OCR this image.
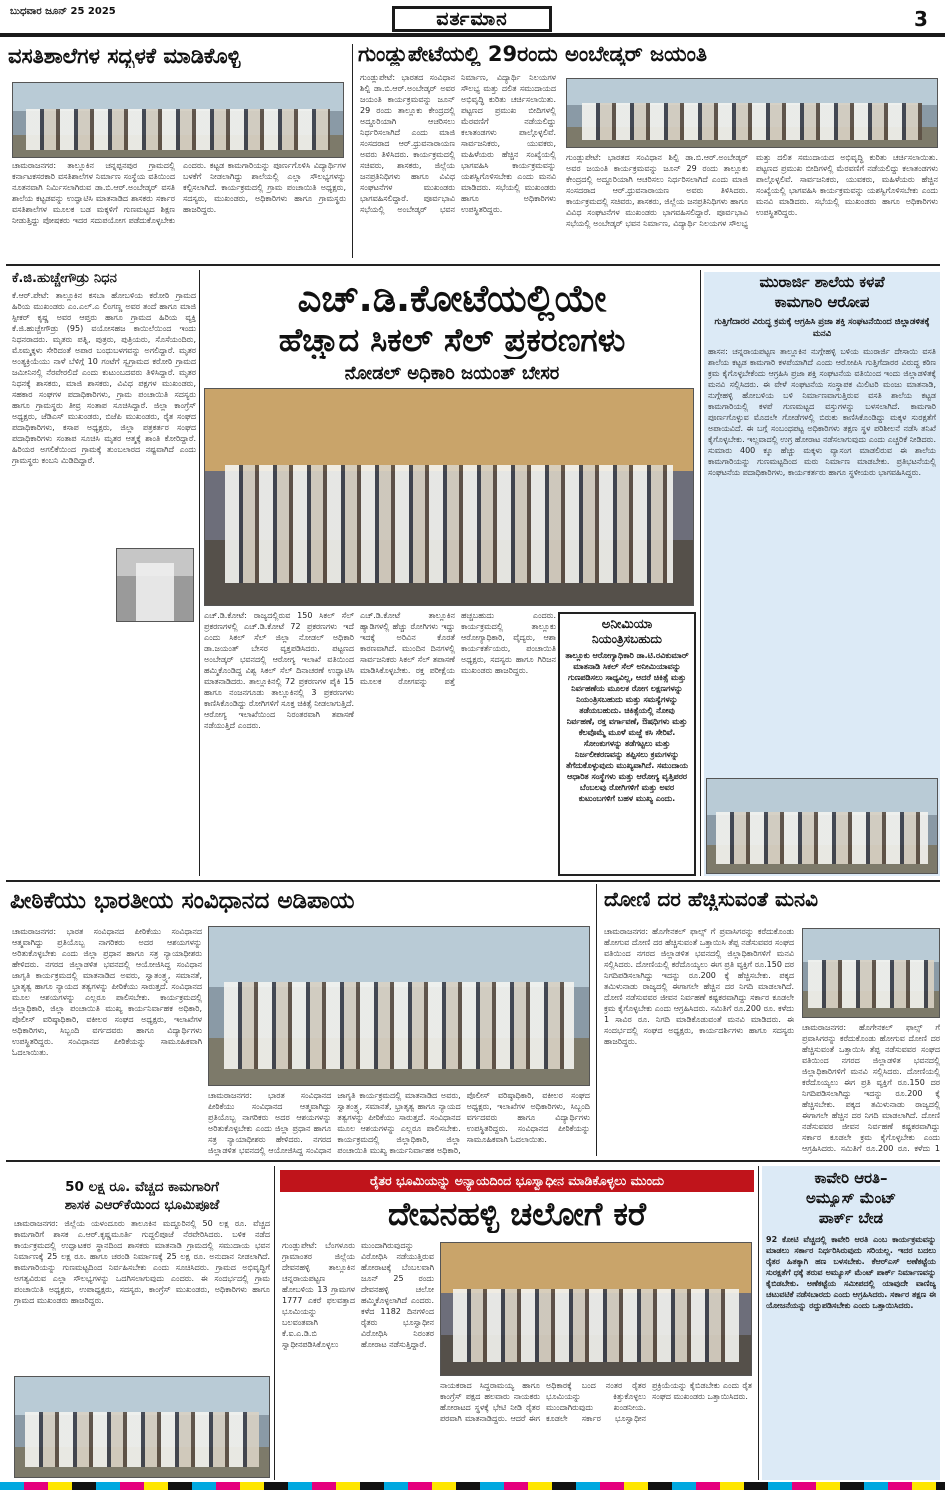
ಬುಧವಾರ ಜೂನ್ 25 2025	ವರ್ತಮಾನ	3
ವಸತಿಶಾಲೆಗಳ ಸದ್ಬಳಕೆ ಮಾಡಿಕೊಳ್ಳಿ
ಚಾಮರಾಜನಗರ: ತಾಲ್ಲೂಕಿನ ಚನ್ನಪ್ಪನಪುರ ಗ್ರಾಮದಲ್ಲಿ ಕರ್ನಾಟಕಸರಕಾರಿ ವಸತಿಶಾಲೆಗಳ ನಿರ್ಮಾಣ ಸಂಸ್ಥೆಯ ವತಿಯಿಂದ ನೂತನವಾಗಿ ನಿರ್ಮಿಸಲಾಗಿರುವ ಡಾ.ಬಿ.ಆರ್.ಅಂಬೇಡ್ಕರ್ ವಸತಿ ಶಾಲೆಯ ಕಟ್ಟಡವನ್ನು ಉದ್ಘಾಟಿಸಿ ಮಾತನಾಡಿದ ಶಾಸಕರು ಸರ್ಕಾರ ವಸತಿಶಾಲೆಗಳ ಮೂಲಕ ಬಡ ಮಕ್ಕಳಿಗೆ ಗುಣಮಟ್ಟದ ಶಿಕ್ಷಣ ನೀಡುತ್ತಿದ್ದು ಪೋಷಕರು ಇದರ ಸದುಪಯೋಗ ಪಡೆದುಕೊಳ್ಳಬೇಕು ಎಂದರು. ಕಟ್ಟಡ ಕಾಮಗಾರಿಯನ್ನು ಪೂರ್ಣಗೊಳಿಸಿ ವಿದ್ಯಾರ್ಥಿಗಳ ಬಳಕೆಗೆ ನೀಡಲಾಗಿದ್ದು ಶಾಲೆಯಲ್ಲಿ ಎಲ್ಲಾ ಸೌಲಭ್ಯಗಳನ್ನು ಕಲ್ಪಿಸಲಾಗಿದೆ. ಕಾರ್ಯಕ್ರಮದಲ್ಲಿ ಗ್ರಾಮ ಪಂಚಾಯಿತಿ ಅಧ್ಯಕ್ಷರು, ಸದಸ್ಯರು, ಮುಖಂಡರು, ಅಧಿಕಾರಿಗಳು ಹಾಗೂ ಗ್ರಾಮಸ್ಥರು ಹಾಜರಿದ್ದರು.
ಗುಂಡ್ಲುಪೇಟೆಯಲ್ಲಿ 29ರಂದು ಅಂಬೇಡ್ಕರ್ ಜಯಂತಿ
ಗುಂಡ್ಲುಪೇಟೆ: ಭಾರತದ ಸಂವಿಧಾನ ಶಿಲ್ಪಿ ಡಾ.ಬಿ.ಆರ್.ಅಂಬೇಡ್ಕರ್ ಅವರ ಜಯಂತಿ ಕಾರ್ಯಕ್ರಮವನ್ನು ಜೂನ್ 29 ರಂದು ತಾಲ್ಲೂಕು ಕೇಂದ್ರದಲ್ಲಿ ಅದ್ದೂರಿಯಾಗಿ ಆಚರಿಸಲು ನಿರ್ಧರಿಸಲಾಗಿದೆ ಎಂದು ಮಾಜಿ ಸಂಸದರಾದ ಆರ್.ಧ್ರುವನಾರಾಯಣ ಅವರು ತಿಳಿಸಿದರು. ಕಾರ್ಯಕ್ರಮದಲ್ಲಿ ಸಚಿವರು, ಶಾಸಕರು, ಜಿಲ್ಲೆಯ ಜನಪ್ರತಿನಿಧಿಗಳು ಹಾಗೂ ವಿವಿಧ ಸಂಘಟನೆಗಳ ಮುಖಂಡರು ಭಾಗವಹಿಸಲಿದ್ದಾರೆ. ಪೂರ್ವಭಾವಿ ಸಭೆಯಲ್ಲಿ ಅಂಬೇಡ್ಕರ್ ಭವನ ನಿರ್ಮಾಣ, ವಿದ್ಯಾರ್ಥಿ ನಿಲಯಗಳ ಸೌಲಭ್ಯ ಮತ್ತು ದಲಿತ ಸಮುದಾಯದ ಅಭಿವೃದ್ಧಿ ಕುರಿತು ಚರ್ಚಿಸಲಾಯಿತು. ಪಟ್ಟಣದ ಪ್ರಮುಖ ಬೀದಿಗಳಲ್ಲಿ ಮೆರವಣಿಗೆ ನಡೆಯಲಿದ್ದು ಕಲಾತಂಡಗಳು ಪಾಲ್ಗೊಳ್ಳಲಿವೆ. ಸಾರ್ವಜನಿಕರು, ಯುವಕರು, ಮಹಿಳೆಯರು ಹೆಚ್ಚಿನ ಸಂಖ್ಯೆಯಲ್ಲಿ ಭಾಗವಹಿಸಿ ಕಾರ್ಯಕ್ರಮವನ್ನು ಯಶಸ್ವಿಗೊಳಿಸಬೇಕು ಎಂದು ಮನವಿ ಮಾಡಿದರು. ಸಭೆಯಲ್ಲಿ ಮುಖಂಡರು ಹಾಗೂ ಅಧಿಕಾರಿಗಳು ಉಪಸ್ಥಿತರಿದ್ದರು.
ಗುಂಡ್ಲುಪೇಟೆ: ಭಾರತದ ಸಂವಿಧಾನ ಶಿಲ್ಪಿ ಡಾ.ಬಿ.ಆರ್.ಅಂಬೇಡ್ಕರ್ ಅವರ ಜಯಂತಿ ಕಾರ್ಯಕ್ರಮವನ್ನು ಜೂನ್ 29 ರಂದು ತಾಲ್ಲೂಕು ಕೇಂದ್ರದಲ್ಲಿ ಅದ್ದೂರಿಯಾಗಿ ಆಚರಿಸಲು ನಿರ್ಧರಿಸಲಾಗಿದೆ ಎಂದು ಮಾಜಿ ಸಂಸದರಾದ ಆರ್.ಧ್ರುವನಾರಾಯಣ ಅವರು ತಿಳಿಸಿದರು. ಕಾರ್ಯಕ್ರಮದಲ್ಲಿ ಸಚಿವರು, ಶಾಸಕರು, ಜಿಲ್ಲೆಯ ಜನಪ್ರತಿನಿಧಿಗಳು ಹಾಗೂ ವಿವಿಧ ಸಂಘಟನೆಗಳ ಮುಖಂಡರು ಭಾಗವಹಿಸಲಿದ್ದಾರೆ. ಪೂರ್ವಭಾವಿ ಸಭೆಯಲ್ಲಿ ಅಂಬೇಡ್ಕರ್ ಭವನ ನಿರ್ಮಾಣ, ವಿದ್ಯಾರ್ಥಿ ನಿಲಯಗಳ ಸೌಲಭ್ಯ ಮತ್ತು ದಲಿತ ಸಮುದಾಯದ ಅಭಿವೃದ್ಧಿ ಕುರಿತು ಚರ್ಚಿಸಲಾಯಿತು. ಪಟ್ಟಣದ ಪ್ರಮುಖ ಬೀದಿಗಳಲ್ಲಿ ಮೆರವಣಿಗೆ ನಡೆಯಲಿದ್ದು ಕಲಾತಂಡಗಳು ಪಾಲ್ಗೊಳ್ಳಲಿವೆ. ಸಾರ್ವಜನಿಕರು, ಯುವಕರು, ಮಹಿಳೆಯರು ಹೆಚ್ಚಿನ ಸಂಖ್ಯೆಯಲ್ಲಿ ಭಾಗವಹಿಸಿ ಕಾರ್ಯಕ್ರಮವನ್ನು ಯಶಸ್ವಿಗೊಳಿಸಬೇಕು ಎಂದು ಮನವಿ ಮಾಡಿದರು. ಸಭೆಯಲ್ಲಿ ಮುಖಂಡರು ಹಾಗೂ ಅಧಿಕಾರಿಗಳು ಉಪಸ್ಥಿತರಿದ್ದರು.
ಕೆ.ಜಿ.ಹುಚ್ಚೇಗೌಡ್ರು ನಿಧನ
ಕೆ.ಆರ್.ಪೇಟೆ: ತಾಲ್ಲೂಕಿನ ಕಸಬಾ ಹೋಬಳಿಯ ಕರೋಠಿ ಗ್ರಾಮದ ಹಿರಿಯ ಮುಖಂಡರು ಎಂ.ಎಲ್.ಎ ಲಿಂಗಣ್ಣ ಅವರ ತಂದೆ ಹಾಗೂ ಮಾಜಿ ಸ್ಪೀಕರ್ ಕೃಷ್ಣ ಅವರ ಆಪ್ತರು ಹಾಗೂ ಗ್ರಾಮದ ಹಿರಿಯ ವ್ಯಕ್ತಿ ಕೆ.ಜಿ.ಹುಚ್ಚೇಗೌಡ್ರು (95) ವಯೋಸಹಜ ಕಾಯಿಲೆಯಿಂದ ಇಂದು ನಿಧನರಾದರು. ಮೃತರು ಪತ್ನಿ, ಪುತ್ರರು, ಪುತ್ರಿಯರು, ಸೊಸೆಯಂದಿರು, ಮೊಮ್ಮಕ್ಕಳು ಸೇರಿದಂತೆ ಅಪಾರ ಬಂಧುಬಳಗವನ್ನು ಅಗಲಿದ್ದಾರೆ. ಮೃತರ ಅಂತ್ಯಕ್ರಿಯೆಯು ನಾಳೆ ಬೆಳಿಗ್ಗೆ 10 ಗಂಟೆಗೆ ಸ್ವಗ್ರಾಮದ ಕರೋಠಿ ಗ್ರಾಮದ ಜಮೀನಿನಲ್ಲಿ ನೆರವೇರಲಿದೆ ಎಂದು ಕುಟುಂಬದವರು ತಿಳಿಸಿದ್ದಾರೆ. ಮೃತರ ನಿಧನಕ್ಕೆ ಶಾಸಕರು, ಮಾಜಿ ಶಾಸಕರು, ವಿವಿಧ ಪಕ್ಷಗಳ ಮುಖಂಡರು, ಸಹಕಾರ ಸಂಘಗಳ ಪದಾಧಿಕಾರಿಗಳು, ಗ್ರಾಮ ಪಂಚಾಯಿತಿ ಸದಸ್ಯರು ಹಾಗೂ ಗ್ರಾಮಸ್ಥರು ತೀವ್ರ ಸಂತಾಪ ಸೂಚಿಸಿದ್ದಾರೆ. ಜಿಲ್ಲಾ ಕಾಂಗ್ರೆಸ್ ಅಧ್ಯಕ್ಷರು, ಜೆಡಿಎಸ್ ಮುಖಂಡರು, ಬಿಜೆಪಿ ಮುಖಂಡರು, ರೈತ ಸಂಘದ ಪದಾಧಿಕಾರಿಗಳು, ಕಸಾಪ ಅಧ್ಯಕ್ಷರು, ಜಿಲ್ಲಾ ಪತ್ರಕರ್ತರ ಸಂಘದ ಪದಾಧಿಕಾರಿಗಳು ಸಂತಾಪ ಸೂಚಿಸಿ ಮೃತರ ಆತ್ಮಕ್ಕೆ ಶಾಂತಿ ಕೋರಿದ್ದಾರೆ. ಹಿರಿಯರ ಅಗಲಿಕೆಯಿಂದ ಗ್ರಾಮಕ್ಕೆ ತುಂಬಲಾರದ ನಷ್ಟವಾಗಿದೆ ಎಂದು ಗ್ರಾಮಸ್ಥರು ಕಂಬನಿ ಮಿಡಿದಿದ್ದಾರೆ.
ಎಚ್.ಡಿ.ಕೋಟೆಯಲ್ಲಿಯೇ
ಹೆಚ್ಚಾದ ಸಿಕಲ್ ಸೆಲ್ ಪ್ರಕರಣಗಳು
ನೋಡಲ್ ಅಧಿಕಾರಿ ಜಯಂತ್ ಬೇಸರ
ಎಚ್.ಡಿ.ಕೋಟೆ: ರಾಜ್ಯದಲ್ಲಿರುವ 150 ಸಿಕಲ್ ಸೆಲ್ ಪ್ರಕರಣಗಳಲ್ಲಿ ಎಚ್.ಡಿ.ಕೋಟೆ 72 ಪ್ರಕರಣಗಳು ಇದೆ ಎಂದು ಸಿಕಲ್ ಸೆಲ್ ಜಿಲ್ಲಾ ನೋಡಲ್ ಅಧಿಕಾರಿ ಡಾ.ಜಯಂತ್ ಬೇಸರ ವ್ಯಕ್ತಪಡಿಸಿದರು. ಪಟ್ಟಣದ ಅಂಬೇಡ್ಕರ್ ಭವನದಲ್ಲಿ ಆರೋಗ್ಯ ಇಲಾಖೆ ವತಿಯಿಂದ ಹಮ್ಮಿಕೊಂಡಿದ್ದ ವಿಶ್ವ ಸಿಕಲ್ ಸೆಲ್ ದಿನಾಚರಣೆ ಉದ್ಘಾಟಿಸಿ ಮಾತನಾಡಿದರು. ತಾಲ್ಲೂಕಿನಲ್ಲಿ 72 ಪ್ರಕರಣಗಳ ಪೈಕಿ 15 ಹಾಗೂ ನಂಜನಗೂಡು ತಾಲ್ಲೂಕಿನಲ್ಲಿ 3 ಪ್ರಕರಣಗಳು ಕಾಣಿಸಿಕೊಂಡಿದ್ದು ರೋಗಿಗಳಿಗೆ ಸೂಕ್ತ ಚಿಕಿತ್ಸೆ ನೀಡಲಾಗುತ್ತಿದೆ. ಆರೋಗ್ಯ ಇಲಾಖೆಯಿಂದ ನಿರಂತರವಾಗಿ ತಪಾಸಣೆ ನಡೆಯುತ್ತಿದೆ ಎಂದರು.
ಎಚ್.ಡಿ.ಕೋಟೆ ತಾಲ್ಲೂಕಿನ ಹ್ಯಾಡಿಗಳಲ್ಲಿ ಹೆಚ್ಚು ರೋಗಿಗಳು ಇದ್ದು ಇದಕ್ಕೆ ಅರಿವಿನ ಕೊರತೆ ಕಾರಣವಾಗಿದೆ. ಮುಂದಿನ ದಿನಗಳಲ್ಲಿ ಸಾರ್ವಜನಿಕರು ಸಿಕಲ್ ಸೆಲ್ ತಪಾಸಣೆ ಮಾಡಿಸಿಕೊಳ್ಳಬೇಕು. ರಕ್ತ ಪರೀಕ್ಷೆಯ ಮೂಲಕ ರೋಗವನ್ನು ಪತ್ತೆ ಹಚ್ಚಬಹುದು ಎಂದರು. ಕಾರ್ಯಕ್ರಮದಲ್ಲಿ ತಾಲ್ಲೂಕು ಆರೋಗ್ಯಾಧಿಕಾರಿ, ವೈದ್ಯರು, ಆಶಾ ಕಾರ್ಯಕರ್ತೆಯರು, ಪಂಚಾಯಿತಿ ಅಧ್ಯಕ್ಷರು, ಸದಸ್ಯರು ಹಾಗೂ ಗಿರಿಜನ ಮುಖಂಡರು ಹಾಜರಿದ್ದರು.
ಅನೀಮಿಯಾ
ನಿಯಂತ್ರಿಸಬಹುದು
ತಾಲ್ಲೂಕು ಆರೋಗ್ಯಾಧಿಕಾರಿ ಡಾ.ಟಿ.ರವಿಕುಮಾರ್ ಮಾತನಾಡಿ ಸಿಕಲ್ ಸೆಲ್ ಅನೀಮಿಯಾವನ್ನು ಗುಣಪಡಿಸಲು ಸಾಧ್ಯವಿಲ್ಲ, ಆದರೆ ಚಿಕಿತ್ಸೆ ಮತ್ತು ನಿರ್ವಹಣೆಯ ಮೂಲಕ ರೋಗ ಲಕ್ಷಣಗಳನ್ನು ನಿಯಂತ್ರಿಸಬಹುದು ಮತ್ತು ಸಮಸ್ಯೆಗಳನ್ನು ತಡೆಯಬಹುದು. ಚಿಕಿತ್ಸೆಯಲ್ಲಿ ನೋವು ನಿರ್ವಹಣೆ, ರಕ್ತ ವರ್ಗಾವಣೆ, ಔಷಧಿಗಳು ಮತ್ತು ಕೆಲವೊಮ್ಮೆ ಮೂಳೆ ಮಜ್ಜೆ ಕಸಿ ಸೇರಿವೆ. ಸೋಂಕುಗಳನ್ನು ತಡೆಗಟ್ಟಲು ಮತ್ತು ನಿರ್ಜಲೀಕರಣವನ್ನು ತಪ್ಪಿಸಲು ಕ್ರಮಗಳನ್ನು ತೆಗೆದುಕೊಳ್ಳುವುದು ಮುಖ್ಯವಾಗಿದೆ. ಸಮುದಾಯ ಆಧಾರಿತ ಸಂಸ್ಥೆಗಳು ಮತ್ತು ಆರೋಗ್ಯ ವೃತ್ತಿಪರರ ಬೆಂಬಲವು ರೋಗಿಗಳಿಗೆ ಮತ್ತು ಅವರ ಕುಟುಂಬಗಳಿಗೆ ಬಹಳ ಮುಖ್ಯ ಎಂದು.
ಮುರಾರ್ಜಿ ಶಾಲೆಯ ಕಳಪೆ
ಕಾಮಗಾರಿ ಆರೋಪ
ಗುತ್ತಿಗೆದಾರರ ವಿರುದ್ಧ ಕ್ರಮಕ್ಕೆ ಆಗ್ರಹಿಸಿ ಪ್ರಜಾ ಶಕ್ತಿ ಸಂಘಟನೆಯಿಂದ ಜಿಲ್ಲಾಡಳಿತಕ್ಕೆ ಮನವಿ
ಹಾಸನ: ಚನ್ನರಾಯಪಟ್ಟಣ ತಾಲ್ಲೂಕಿನ ನುಗ್ಗೇಹಳ್ಳಿ ಬಳಿಯ ಮುರಾರ್ಜಿ ದೇಸಾಯಿ ವಸತಿ ಶಾಲೆಯ ಕಟ್ಟಡ ಕಾಮಗಾರಿ ಕಳಪೆಯಾಗಿದೆ ಎಂದು ಆರೋಪಿಸಿ ಗುತ್ತಿಗೆದಾರರ ವಿರುದ್ಧ ಕಠಿಣ ಕ್ರಮ ಕೈಗೊಳ್ಳಬೇಕೆಂದು ಆಗ್ರಹಿಸಿ ಪ್ರಜಾ ಶಕ್ತಿ ಸಂಘಟನೆಯ ವತಿಯಿಂದ ಇಂದು ಜಿಲ್ಲಾಡಳಿತಕ್ಕೆ ಮನವಿ ಸಲ್ಲಿಸಿದರು. ಈ ವೇಳೆ ಸಂಘಟನೆಯ ಸಂಸ್ಥಾಪಕ ಮಿಲಿಟರಿ ಮಂಜು ಮಾತನಾಡಿ, ನುಗ್ಗೇಹಳ್ಳಿ ಹೋಬಳಿಯ ಬಳಿ ನಿರ್ಮಾಣವಾಗುತ್ತಿರುವ ವಸತಿ ಶಾಲೆಯ ಕಟ್ಟಡ ಕಾಮಗಾರಿಯಲ್ಲಿ ಕಳಪೆ ಗುಣಮಟ್ಟದ ವಸ್ತುಗಳನ್ನು ಬಳಸಲಾಗಿದೆ. ಕಾಮಗಾರಿ ಪೂರ್ಣಗೊಳ್ಳುವ ಮೊದಲೇ ಗೋಡೆಗಳಲ್ಲಿ ಬಿರುಕು ಕಾಣಿಸಿಕೊಂಡಿದ್ದು ಮಕ್ಕಳ ಸುರಕ್ಷತೆಗೆ ಅಪಾಯವಿದೆ. ಈ ಬಗ್ಗೆ ಸಂಬಂಧಪಟ್ಟ ಅಧಿಕಾರಿಗಳು ತಕ್ಷಣ ಸ್ಥಳ ಪರಿಶೀಲನೆ ನಡೆಸಿ ತನಿಖೆ ಕೈಗೊಳ್ಳಬೇಕು. ಇಲ್ಲವಾದಲ್ಲಿ ಉಗ್ರ ಹೋರಾಟ ನಡೆಸಲಾಗುವುದು ಎಂದು ಎಚ್ಚರಿಕೆ ನೀಡಿದರು. ಸುಮಾರು 400 ಕ್ಕೂ ಹೆಚ್ಚು ಮಕ್ಕಳು ವ್ಯಾಸಂಗ ಮಾಡಲಿರುವ ಈ ಶಾಲೆಯ ಕಾಮಗಾರಿಯನ್ನು ಗುಣಮಟ್ಟದಿಂದ ಮರು ನಿರ್ಮಾಣ ಮಾಡಬೇಕು. ಪ್ರತಿಭಟನೆಯಲ್ಲಿ ಸಂಘಟನೆಯ ಪದಾಧಿಕಾರಿಗಳು, ಕಾರ್ಯಕರ್ತರು ಹಾಗೂ ಸ್ಥಳೀಯರು ಭಾಗವಹಿಸಿದ್ದರು.
ಪೀಠಿಕೆಯು ಭಾರತೀಯ ಸಂವಿಧಾನದ ಅಡಿಪಾಯ
ಚಾಮರಾಜನಗರ: ಭಾರತ ಸಂವಿಧಾನದ ಪೀಠಿಕೆಯು ಸಂವಿಧಾನದ ಆತ್ಮವಾಗಿದ್ದು ಪ್ರತಿಯೊಬ್ಬ ನಾಗರಿಕರು ಅದರ ಆಶಯಗಳನ್ನು ಅರಿತುಕೊಳ್ಳಬೇಕು ಎಂದು ಜಿಲ್ಲಾ ಪ್ರಧಾನ ಹಾಗೂ ಸತ್ರ ನ್ಯಾಯಾಧೀಶರು ಹೇಳಿದರು. ನಗರದ ಜಿಲ್ಲಾಡಳಿತ ಭವನದಲ್ಲಿ ಆಯೋಜಿಸಿದ್ದ ಸಂವಿಧಾನ ಜಾಗೃತಿ ಕಾರ್ಯಕ್ರಮದಲ್ಲಿ ಮಾತನಾಡಿದ ಅವರು, ಸ್ವಾತಂತ್ರ್ಯ, ಸಮಾನತೆ, ಭ್ರಾತೃತ್ವ ಹಾಗೂ ನ್ಯಾಯದ ತತ್ವಗಳನ್ನು ಪೀಠಿಕೆಯು ಸಾರುತ್ತದೆ. ಸಂವಿಧಾನದ ಮೂಲ ಆಶಯಗಳನ್ನು ಎಲ್ಲರೂ ಪಾಲಿಸಬೇಕು. ಕಾರ್ಯಕ್ರಮದಲ್ಲಿ ಜಿಲ್ಲಾಧಿಕಾರಿ, ಜಿಲ್ಲಾ ಪಂಚಾಯಿತಿ ಮುಖ್ಯ ಕಾರ್ಯನಿರ್ವಾಹಕ ಅಧಿಕಾರಿ, ಪೊಲೀಸ್ ವರಿಷ್ಠಾಧಿಕಾರಿ, ವಕೀಲರ ಸಂಘದ ಅಧ್ಯಕ್ಷರು, ಇಲಾಖೆಗಳ ಅಧಿಕಾರಿಗಳು, ಸಿಬ್ಬಂದಿ ವರ್ಗದವರು ಹಾಗೂ ವಿದ್ಯಾರ್ಥಿಗಳು ಉಪಸ್ಥಿತರಿದ್ದರು. ಸಂವಿಧಾನದ ಪೀಠಿಕೆಯನ್ನು ಸಾಮೂಹಿಕವಾಗಿ ಓದಲಾಯಿತು.
ಚಾಮರಾಜನಗರ: ಭಾರತ ಸಂವಿಧಾನದ ಪೀಠಿಕೆಯು ಸಂವಿಧಾನದ ಆತ್ಮವಾಗಿದ್ದು ಪ್ರತಿಯೊಬ್ಬ ನಾಗರಿಕರು ಅದರ ಆಶಯಗಳನ್ನು ಅರಿತುಕೊಳ್ಳಬೇಕು ಎಂದು ಜಿಲ್ಲಾ ಪ್ರಧಾನ ಹಾಗೂ ಸತ್ರ ನ್ಯಾಯಾಧೀಶರು ಹೇಳಿದರು. ನಗರದ ಜಿಲ್ಲಾಡಳಿತ ಭವನದಲ್ಲಿ ಆಯೋಜಿಸಿದ್ದ ಸಂವಿಧಾನ ಜಾಗೃತಿ ಕಾರ್ಯಕ್ರಮದಲ್ಲಿ ಮಾತನಾಡಿದ ಅವರು, ಸ್ವಾತಂತ್ರ್ಯ, ಸಮಾನತೆ, ಭ್ರಾತೃತ್ವ ಹಾಗೂ ನ್ಯಾಯದ ತತ್ವಗಳನ್ನು ಪೀಠಿಕೆಯು ಸಾರುತ್ತದೆ. ಸಂವಿಧಾನದ ಮೂಲ ಆಶಯಗಳನ್ನು ಎಲ್ಲರೂ ಪಾಲಿಸಬೇಕು. ಕಾರ್ಯಕ್ರಮದಲ್ಲಿ ಜಿಲ್ಲಾಧಿಕಾರಿ, ಜಿಲ್ಲಾ ಪಂಚಾಯಿತಿ ಮುಖ್ಯ ಕಾರ್ಯನಿರ್ವಾಹಕ ಅಧಿಕಾರಿ, ಪೊಲೀಸ್ ವರಿಷ್ಠಾಧಿಕಾರಿ, ವಕೀಲರ ಸಂಘದ ಅಧ್ಯಕ್ಷರು, ಇಲಾಖೆಗಳ ಅಧಿಕಾರಿಗಳು, ಸಿಬ್ಬಂದಿ ವರ್ಗದವರು ಹಾಗೂ ವಿದ್ಯಾರ್ಥಿಗಳು ಉಪಸ್ಥಿತರಿದ್ದರು. ಸಂವಿಧಾನದ ಪೀಠಿಕೆಯನ್ನು ಸಾಮೂಹಿಕವಾಗಿ ಓದಲಾಯಿತು.
ದೋಣಿ ದರ ಹೆಚ್ಚಿಸುವಂತೆ ಮನವಿ
ಚಾಮರಾಜನಗರ: ಹೊಗೇನಕಲ್ ಫಾಲ್ಸ್ ಗೆ ಪ್ರವಾಸಿಗರನ್ನು ಕರೆದುಕೊಂಡು ಹೋಗುವ ದೋಣಿ ದರ ಹೆಚ್ಚಿಸುವಂತೆ ಒತ್ತಾಯಿಸಿ ತೆಪ್ಪ ನಡೆಸುವವರ ಸಂಘದ ವತಿಯಿಂದ ನಗರದ ಜಿಲ್ಲಾಡಳಿತ ಭವನದಲ್ಲಿ ಜಿಲ್ಲಾಧಿಕಾರಿಗಳಿಗೆ ಮನವಿ ಸಲ್ಲಿಸಿದರು. ದೋಣಿಯಲ್ಲಿ ಕರೆದೊಯ್ಯಲು ಈಗ ಪ್ರತಿ ವ್ಯಕ್ತಿಗೆ ರೂ.150 ದರ ನಿಗದಿಪಡಿಸಲಾಗಿದ್ದು ಇದನ್ನು ರೂ.200 ಕ್ಕೆ ಹೆಚ್ಚಿಸಬೇಕು. ಪಕ್ಕದ ತಮಿಳುನಾಡು ರಾಜ್ಯದಲ್ಲಿ ಈಗಾಗಲೇ ಹೆಚ್ಚಿನ ದರ ನಿಗದಿ ಮಾಡಲಾಗಿದೆ. ದೋಣಿ ನಡೆಸುವವರ ಜೀವನ ನಿರ್ವಹಣೆ ಕಷ್ಟಕರವಾಗಿದ್ದು ಸರ್ಕಾರ ಕೂಡಲೇ ಕ್ರಮ ಕೈಗೊಳ್ಳಬೇಕು ಎಂದು ಆಗ್ರಹಿಸಿದರು. ಸಮಿತಿಗೆ ರೂ.200 ರೂ. ಕಳೆದು 1 ಸಾವಿರ ರೂ. ನಿಗದಿ ಮಾಡಿಕೊಡುವಂತೆ ಮನವಿ ಮಾಡಿದರು. ಈ ಸಂದರ್ಭದಲ್ಲಿ ಸಂಘದ ಅಧ್ಯಕ್ಷರು, ಕಾರ್ಯದರ್ಶಿಗಳು ಹಾಗೂ ಸದಸ್ಯರು ಹಾಜರಿದ್ದರು.
ಚಾಮರಾಜನಗರ: ಹೊಗೇನಕಲ್ ಫಾಲ್ಸ್ ಗೆ ಪ್ರವಾಸಿಗರನ್ನು ಕರೆದುಕೊಂಡು ಹೋಗುವ ದೋಣಿ ದರ ಹೆಚ್ಚಿಸುವಂತೆ ಒತ್ತಾಯಿಸಿ ತೆಪ್ಪ ನಡೆಸುವವರ ಸಂಘದ ವತಿಯಿಂದ ನಗರದ ಜಿಲ್ಲಾಡಳಿತ ಭವನದಲ್ಲಿ ಜಿಲ್ಲಾಧಿಕಾರಿಗಳಿಗೆ ಮನವಿ ಸಲ್ಲಿಸಿದರು. ದೋಣಿಯಲ್ಲಿ ಕರೆದೊಯ್ಯಲು ಈಗ ಪ್ರತಿ ವ್ಯಕ್ತಿಗೆ ರೂ.150 ದರ ನಿಗದಿಪಡಿಸಲಾಗಿದ್ದು ಇದನ್ನು ರೂ.200 ಕ್ಕೆ ಹೆಚ್ಚಿಸಬೇಕು. ಪಕ್ಕದ ತಮಿಳುನಾಡು ರಾಜ್ಯದಲ್ಲಿ ಈಗಾಗಲೇ ಹೆಚ್ಚಿನ ದರ ನಿಗದಿ ಮಾಡಲಾಗಿದೆ. ದೋಣಿ ನಡೆಸುವವರ ಜೀವನ ನಿರ್ವಹಣೆ ಕಷ್ಟಕರವಾಗಿದ್ದು ಸರ್ಕಾರ ಕೂಡಲೇ ಕ್ರಮ ಕೈಗೊಳ್ಳಬೇಕು ಎಂದು ಆಗ್ರಹಿಸಿದರು. ಸಮಿತಿಗೆ ರೂ.200 ರೂ. ಕಳೆದು 1
50 ಲಕ್ಷ ರೂ. ವೆಚ್ಚದ ಕಾಮಗಾರಿಗೆ
ಶಾಸಕ ಎಆರ್‌ಕೆಯಿಂದ ಭೂಮಿಪೂಜೆ
ಚಾಮರಾಜನಗರ: ಜಿಲ್ಲೆಯ ಯಳಂದೂರು ತಾಲೂಕಿನ ಮದ್ದೂರಿನಲ್ಲಿ 50 ಲಕ್ಷ ರೂ. ವೆಚ್ಚದ ಕಾಮಗಾರಿಗೆ ಶಾಸಕ ಎ.ಆರ್.ಕೃಷ್ಣಮೂರ್ತಿ ಗುದ್ದಲಿಪೂಜೆ ನೆರವೇರಿಸಿದರು. ಬಳಿಕ ನಡೆದ ಕಾರ್ಯಕ್ರಮದಲ್ಲಿ ಉದ್ಘಾಟಕರ ಸ್ಥಾನದಿಂದ ಶಾಸಕರು ಮಾತನಾಡಿ ಗ್ರಾಮದಲ್ಲಿ ಸಮುದಾಯ ಭವನ ನಿರ್ಮಾಣಕ್ಕೆ 25 ಲಕ್ಷ ರೂ. ಹಾಗೂ ಚರಂಡಿ ನಿರ್ಮಾಣಕ್ಕೆ 25 ಲಕ್ಷ ರೂ. ಅನುದಾನ ನೀಡಲಾಗಿದೆ. ಕಾಮಗಾರಿಯನ್ನು ಗುಣಮಟ್ಟದಿಂದ ನಿರ್ವಹಿಸಬೇಕು ಎಂದು ಸೂಚಿಸಿದರು. ಗ್ರಾಮದ ಅಭಿವೃದ್ಧಿಗೆ ಅಗತ್ಯವಿರುವ ಎಲ್ಲಾ ಸೌಲಭ್ಯಗಳನ್ನು ಒದಗಿಸಲಾಗುವುದು ಎಂದರು. ಈ ಸಂದರ್ಭದಲ್ಲಿ ಗ್ರಾಮ ಪಂಚಾಯಿತಿ ಅಧ್ಯಕ್ಷರು, ಉಪಾಧ್ಯಕ್ಷರು, ಸದಸ್ಯರು, ಕಾಂಗ್ರೆಸ್ ಮುಖಂಡರು, ಅಧಿಕಾರಿಗಳು ಹಾಗೂ ಗ್ರಾಮದ ಮುಖಂಡರು ಹಾಜರಿದ್ದರು.
ರೈತರ ಭೂಮಿಯನ್ನು ಅನ್ಯಾಯದಿಂದ ಭೂಸ್ವಾಧೀನ ಮಾಡಿಕೊಳ್ಳಲು ಮುಂದು
ದೇವನಹಳ್ಳಿ ಚಲೋಗೆ ಕರೆ
ಗುಂಡ್ಲುಪೇಟೆ: ಬೆಂಗಳೂರು ಗ್ರಾಮಾಂತರ ಜಿಲ್ಲೆಯ ದೇವನಹಳ್ಳಿ ತಾಲ್ಲೂಕಿನ ಚನ್ನರಾಯಪಟ್ಟಣ ಹೋಬಳಿಯ 13 ಗ್ರಾಮಗಳ 1777 ಎಕರೆ ಫಲವತ್ತಾದ ಭೂಮಿಯನ್ನು ಬಲವಂತವಾಗಿ ಕೆ.ಐ.ಎ.ಡಿ.ಬಿ ಸ್ವಾಧೀನಪಡಿಸಿಕೊಳ್ಳಲು ಮುಂದಾಗಿರುವುದನ್ನು ವಿರೋಧಿಸಿ ನಡೆಯುತ್ತಿರುವ ಹೋರಾಟಕ್ಕೆ ಬೆಂಬಲವಾಗಿ ಜೂನ್ 25 ರಂದು ದೇವನಹಳ್ಳಿ ಚಲೋ ಹಮ್ಮಿಕೊಳ್ಳಲಾಗಿದೆ ಎಂದರು. ಕಳೆದ 1182 ದಿನಗಳಿಂದ ರೈತರು ಭೂಸ್ವಾಧೀನ ವಿರೋಧಿಸಿ ನಿರಂತರ ಹೋರಾಟ ನಡೆಸುತ್ತಿದ್ದಾರೆ.
ನಾಯಕರಾದ ಸಿದ್ದರಾಮಯ್ಯ ಹಾಗೂ ಕಾಂಗ್ರೆಸ್ ಪಕ್ಷದ ಹಲವಾರು ನಾಯಕರು ಹೋರಾಟದ ಸ್ಥಳಕ್ಕೆ ಭೇಟಿ ನೀಡಿ ರೈತರ ಪರವಾಗಿ ಮಾತನಾಡಿದ್ದರು. ಆದರೆ ಈಗ ಅಧಿಕಾರಕ್ಕೆ ಬಂದ ನಂತರ ರೈತರ ಭೂಮಿಯನ್ನು ಕಿತ್ತುಕೊಳ್ಳಲು ಮುಂದಾಗಿರುವುದು ಖಂಡನೀಯ. ಕೂಡಲೇ ಸರ್ಕಾರ ಭೂಸ್ವಾಧೀನ ಪ್ರಕ್ರಿಯೆಯನ್ನು ಕೈಬಿಡಬೇಕು ಎಂದು ರೈತ ಸಂಘದ ಮುಖಂಡರು ಒತ್ತಾಯಿಸಿದರು.
ಕಾವೇರಿ ಆರತಿ–
ಅಮ್ಯೂಸ್ ಮೆಂಟ್
ಪಾರ್ಕ್ ಬೇಡ
92 ಕೋಟಿ ವೆಚ್ಚದಲ್ಲಿ ಕಾವೇರಿ ಆರತಿ ಎಂಬ ಕಾರ್ಯಕ್ರಮವನ್ನು ಮಾಡಲು ಸರ್ಕಾರ ನಿರ್ಧರಿಸಿರುವುದು ಸರಿಯಲ್ಲ. ಇದರ ಬದಲು ರೈತರ ಹಿತಕ್ಕಾಗಿ ಹಣ ಬಳಸಬೇಕು. ಕೆಆರ್‌ಎಸ್ ಅಣೆಕಟ್ಟೆಯ ಸುರಕ್ಷತೆಗೆ ಧಕ್ಕೆ ತರುವ ಅಮ್ಯೂಸ್ ಮೆಂಟ್ ಪಾರ್ಕ್ ನಿರ್ಮಾಣವನ್ನು ಕೈಬಿಡಬೇಕು. ಅಣೆಕಟ್ಟೆಯ ಸಮೀಪದಲ್ಲಿ ಯಾವುದೇ ವಾಣಿಜ್ಯ ಚಟುವಟಿಕೆ ನಡೆಸಬಾರದು ಎಂದು ಆಗ್ರಹಿಸಿದರು. ಸರ್ಕಾರ ತಕ್ಷಣ ಈ ಯೋಜನೆಯನ್ನು ರದ್ದುಪಡಿಸಬೇಕು ಎಂದು ಒತ್ತಾಯಿಸಿದರು.
